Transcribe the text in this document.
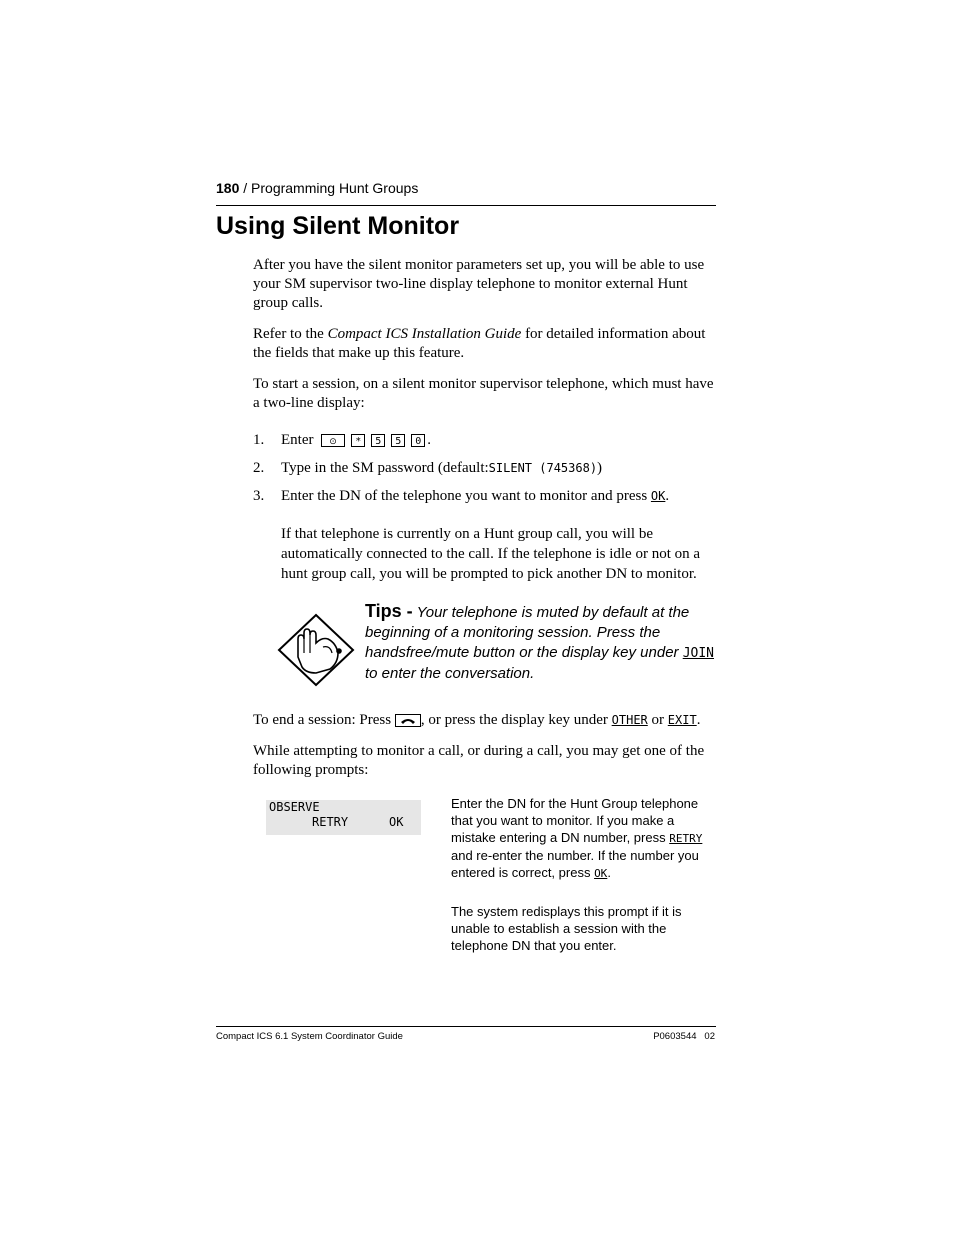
180 / Programming Hunt Groups
Using Silent Monitor
After you have the silent monitor parameters set up, you will be able to use your SM supervisor two-line display telephone to monitor external Hunt group calls.
Refer to the Compact ICS Installation Guide for detailed information about the fields that make up this feature.
To start a session, on a silent monitor supervisor telephone, which must have a two-line display:
1. Enter ⊙ * 5 5 0 .
2. Type in the SM password (default:SILENT (745368))
3. Enter the DN of the telephone you want to monitor and press OK.
If that telephone is currently on a Hunt group call, you will be automatically connected to the call. If the telephone is idle or not on a hunt group call, you will be prompted to pick another DN to monitor.
Tips - Your telephone is muted by default at the beginning of a monitoring session. Press the handsfree/mute button or the display key under JOIN to enter the conversation.
To end a session: Press , or press the display key under OTHER or EXIT.
While attempting to monitor a call, or during a call, you may get one of the following prompts:
OBSERVE
RETRY	OK
Enter the DN for the Hunt Group telephone that you want to monitor. If you make a mistake entering a DN number, press RETRY and re-enter the number. If the number you entered is correct, press OK.
The system redisplays this prompt if it is unable to establish a session with the telephone DN that you enter.
Compact ICS 6.1 System Coordinator Guide	P0603544   02
